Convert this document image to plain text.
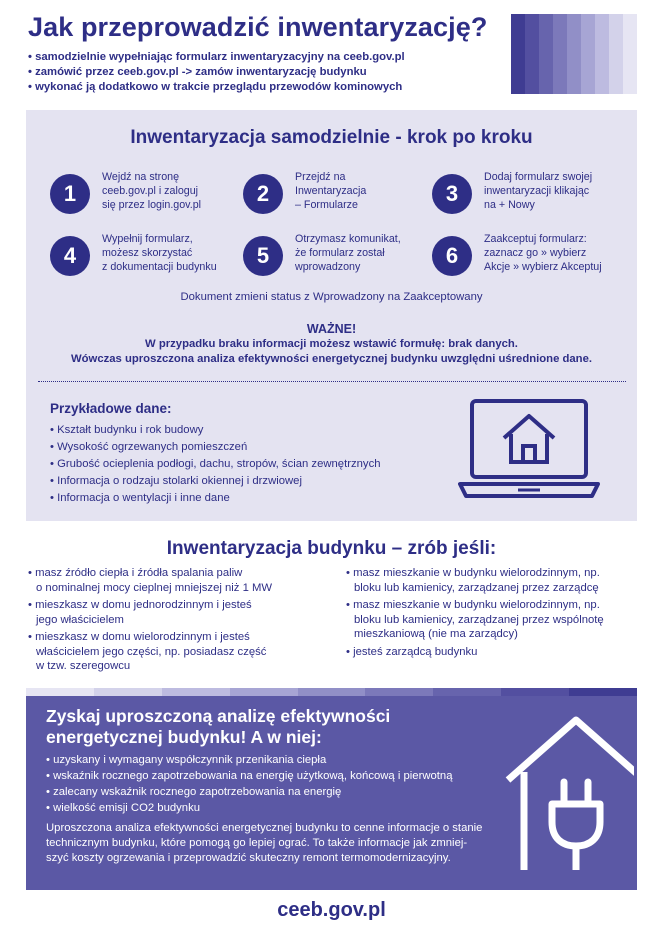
Jak przeprowadzić inwentaryzację?
• samodzielnie wypełniając formularz inwentaryzacyjny na ceeb.gov.pl
• zamówić przez ceeb.gov.pl -> zamów inwentaryzację budynku
• wykonać ją dodatkowo w trakcie przeglądu przewodów kominowych
Inwentaryzacja samodzielnie - krok po kroku
1
Wejdź na stronę
ceeb.gov.pl i zaloguj
się przez login.gov.pl	2
Przejdź na
Inwentaryzacja
– Formularze	3
Dodaj formularz swojej
inwentaryzacji klikając
na + Nowy
4
Wypełnij formularz,
możesz skorzystać
z dokumentacji budynku	5
Otrzymasz komunikat,
że formularz został
wprowadzony	6
Zaakceptuj formularz:
zaznacz go » wybierz
Akcje » wybierz Akceptuj
Dokument zmieni status z Wprowadzony na Zaakceptowany
WAŻNE!
W przypadku braku informacji możesz wstawić formułę: brak danych.
Wówczas uproszczona analiza efektywności energetycznej budynku uwzględni uśrednione dane.
Przykładowe dane:
• Kształt budynku i rok budowy
• Wysokość ogrzewanych pomieszczeń
• Grubość ocieplenia podłogi, dachu, stropów, ścian zewnętrznych
• Informacja o rodzaju stolarki okiennej i drzwiowej
• Informacja o wentylacji i inne dane
Inwentaryzacja budynku – zrób jeśli:
• masz źródło ciepła i źródła spalania paliw
o nominalnej mocy cieplnej mniejszej niż 1 MW
• mieszkasz w domu jednorodzinnym i jesteś
jego właścicielem
• mieszkasz w domu wielorodzinnym i jesteś
właścicielem jego części, np. posiadasz część
w tzw. szeregowcu
• masz mieszkanie w budynku wielorodzinnym, np.
bloku lub kamienicy, zarządzanej przez zarządcę
• masz mieszkanie w budynku wielorodzinnym, np.
bloku lub kamienicy, zarządzanej przez wspólnotę
mieszkaniową (nie ma zarządcy)
• jesteś zarządcą budynku
Zyskaj uproszczoną analizę efektywności
energetycznej budynku! A w niej:
• uzyskany i wymagany współczynnik przenikania ciepła
• wskaźnik rocznego zapotrzebowania na energię użytkową, końcową i pierwotną
• zalecany wskaźnik rocznego zapotrzebowania na energię
• wielkość emisji CO2 budynku
Uproszczona analiza efektywności energetycznej budynku to cenne informacje o stanie
technicznym budynku, które pomogą go lepiej ograć. To także informacje jak zmniej-
szyć koszty ogrzewania i przeprowadzić skuteczny remont termomodernizacyjny.
ceeb.gov.pl
